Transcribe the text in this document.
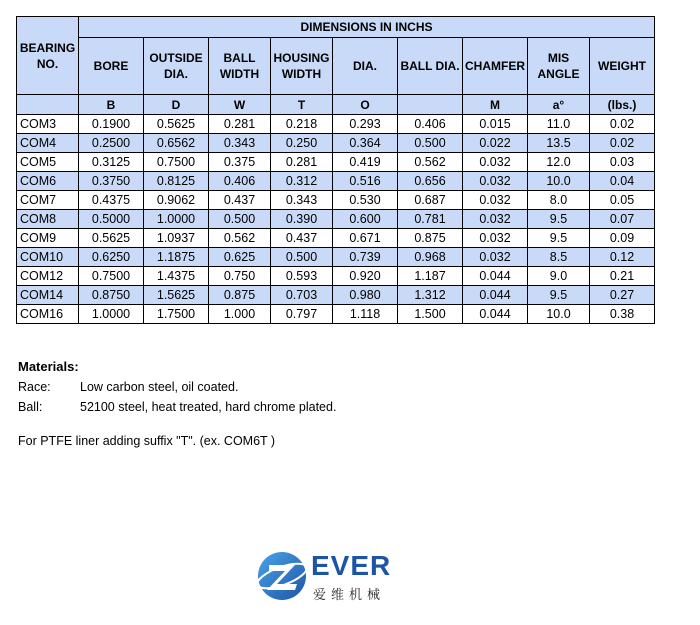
BEARING NO.	DIMENSIONS IN INCHS								
	BORE	OUTSIDE DIA.	BALL WIDTH	HOUSING WIDTH	DIA.	BALL DIA.	CHAMFER	MIS ANGLE	WEIGHT
	B	D	W	T	O		M	a°	(lbs.)
COM3	0.1900	0.5625	0.281	0.218	0.293	0.406	0.015	11.0	0.02
COM4	0.2500	0.6562	0.343	0.250	0.364	0.500	0.022	13.5	0.02
COM5	0.3125	0.7500	0.375	0.281	0.419	0.562	0.032	12.0	0.03
COM6	0.3750	0.8125	0.406	0.312	0.516	0.656	0.032	10.0	0.04
COM7	0.4375	0.9062	0.437	0.343	0.530	0.687	0.032	8.0	0.05
COM8	0.5000	1.0000	0.500	0.390	0.600	0.781	0.032	9.5	0.07
COM9	0.5625	1.0937	0.562	0.437	0.671	0.875	0.032	9.5	0.09
COM10	0.6250	1.1875	0.625	0.500	0.739	0.968	0.032	8.5	0.12
COM12	0.7500	1.4375	0.750	0.593	0.920	1.187	0.044	9.0	0.21
COM14	0.8750	1.5625	0.875	0.703	0.980	1.312	0.044	9.5	0.27
COM16	1.0000	1.7500	1.000	0.797	1.118	1.500	0.044	10.0	0.38
Materials:
Race: Low carbon steel, oil coated.
Ball:	52100 steel, heat treated, hard chrome plated.
For PTFE liner adding suffix "T". (ex. COM6T )
EVER
爱维机械
